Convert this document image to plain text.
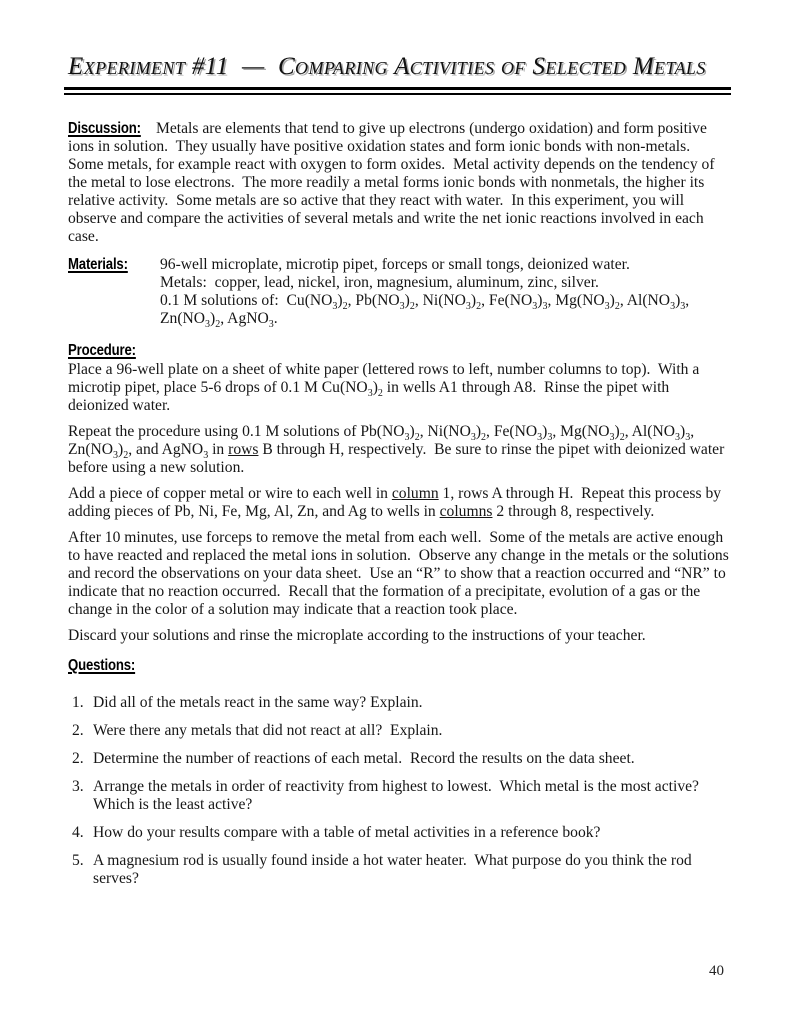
Experiment #11  —  Comparing Activities of Selected Metals

Discussion: Metals are elements that tend to give up electrons (undergo oxidation) and form positive ions in solution.  They usually have positive oxidation states and form ionic bonds with non-metals.  Some metals, for example react with oxygen to form oxides.  Metal activity depends on the tendency of the metal to lose electrons.  The more readily a metal forms ionic bonds with nonmetals, the higher its relative activity.  Some metals are so active that they react with water.  In this experiment, you will observe and compare the activities of several metals and write the net ionic reactions involved in each case.

Materials:	96-well microplate, microtip pipet, forceps or small tongs, deionized water.
Metals:  copper, lead, nickel, iron, magnesium, aluminum, zinc, silver.
0.1 M solutions of:  $Cu(NO_3)_2$, $Pb(NO_3)_2$, $Ni(NO_3)_2$, $Fe(NO_3)_3$, $Mg(NO_3)_2$, $Al(NO_3)_3$, $Zn(NO_3)_2$, AgNO$_3$.
Procedure:

Place a 96-well plate on a sheet of white paper (lettered rows to left, number columns to top).  With a microtip pipet, place 5-6 drops of 0.1 M $Cu(NO_3)_2$ in wells A1 through A8.  Rinse the pipet with deionized water.

Repeat the procedure using 0.1 M solutions of $Pb(NO_3)_2$, $Ni(NO_3)_2$, $Fe(NO_3)_3$, $Mg(NO_3)_2$, $Al(NO_3)_3$, $Zn(NO_3)_2$, and AgNO$_3$ in rows B through H, respectively.  Be sure to rinse the pipet with deionized water before using a new solution.

Add a piece of copper metal or wire to each well in column 1, rows A through H.  Repeat this process by adding pieces of Pb, Ni, Fe, Mg, Al, Zn, and Ag to wells in columns 2 through 8, respectively.

After 10 minutes, use forceps to remove the metal from each well.  Some of the metals are active enough to have reacted and replaced the metal ions in solution.  Observe any change in the metals or the solutions and record the observations on your data sheet.  Use an “R” to show that a reaction occurred and “NR” to indicate that no reaction occurred.  Recall that the formation of a precipitate, evolution of a gas or the change in the color of a solution may indicate that a reaction took place.

Discard your solutions and rinse the microplate according to the instructions of your teacher.

Questions:
1. Did all of the metals react in the same way? Explain.
2. Were there any metals that did not react at all?  Explain.
2. Determine the number of reactions of each metal.  Record the results on the data sheet.
3. Arrange the metals in order of reactivity from highest to lowest.  Which metal is the most active?  Which is the least active?
4. How do your results compare with a table of metal activities in a reference book?
5. A magnesium rod is usually found inside a hot water heater.  What purpose do you think the rod serves?
40
